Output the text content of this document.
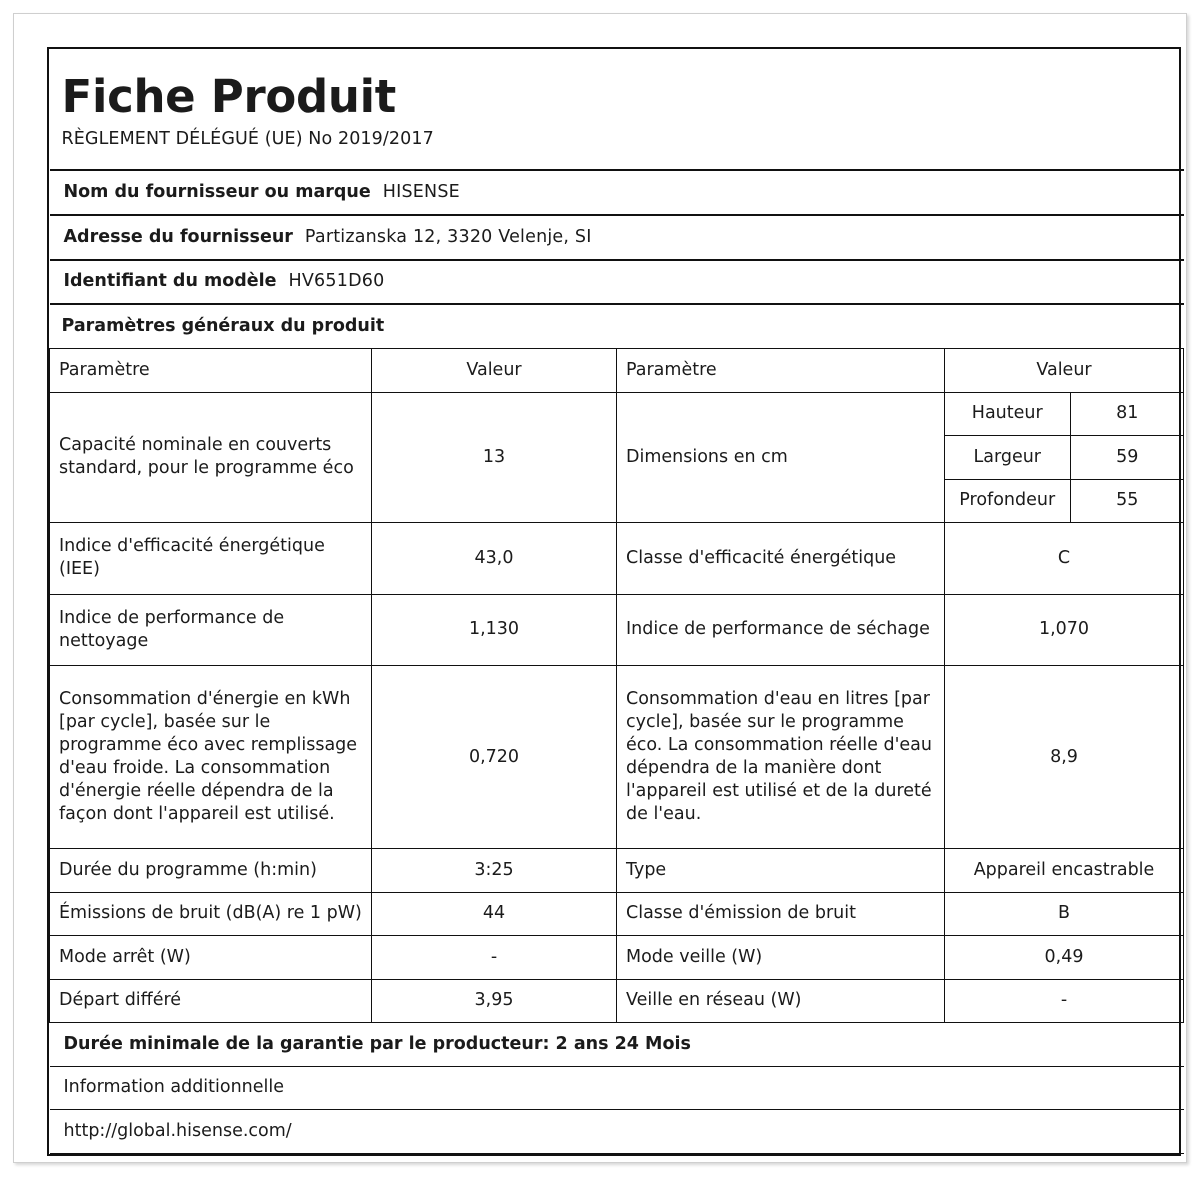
Fiche Produit
RÈGLEMENT DÉLÉGUÉ (UE) No 2019/2017

Nom du fournisseur ou marque HISENSE
Adresse du fournisseur Partizanska 12, 3320 Velenje, SI
Identifiant du modèle HV651D60
Paramètres généraux du produit
Paramètre	Valeur	Paramètre	Valeur
Capacité nominale en couverts standard, pour le programme éco	13	Dimensions en cm	
Hauteur	81
Largeur	59
Profondeur	55

Indice d'efficacité énergétique (IEE)	43,0	Classe d'efficacité énergétique	C
Indice de performance de nettoyage	1,130	Indice de performance de séchage	1,070
Consommation d'énergie en kWh [par cycle], basée sur le programme éco avec remplissage d'eau froide. La consommation d'énergie réelle dépendra de la façon dont l'appareil est utilisé.	0,720	Consommation d'eau en litres [par cycle], basée sur le programme éco. La consommation réelle d'eau dépendra de la manière dont l'appareil est utilisé et de la dureté de l'eau.	8,9
Durée du programme (h:min)	3:25	Type	Appareil encastrable
Émissions de bruit (dB(A) re 1 pW)	44	Classe d'émission de bruit	B
Mode arrêt (W)	-	Mode veille (W)	0,49
Départ différé	3,95	Veille en réseau (W)	-
Durée minimale de la garantie par le producteur: 2 ans 24 Mois
Information additionnelle
http://global.hisense.com/
